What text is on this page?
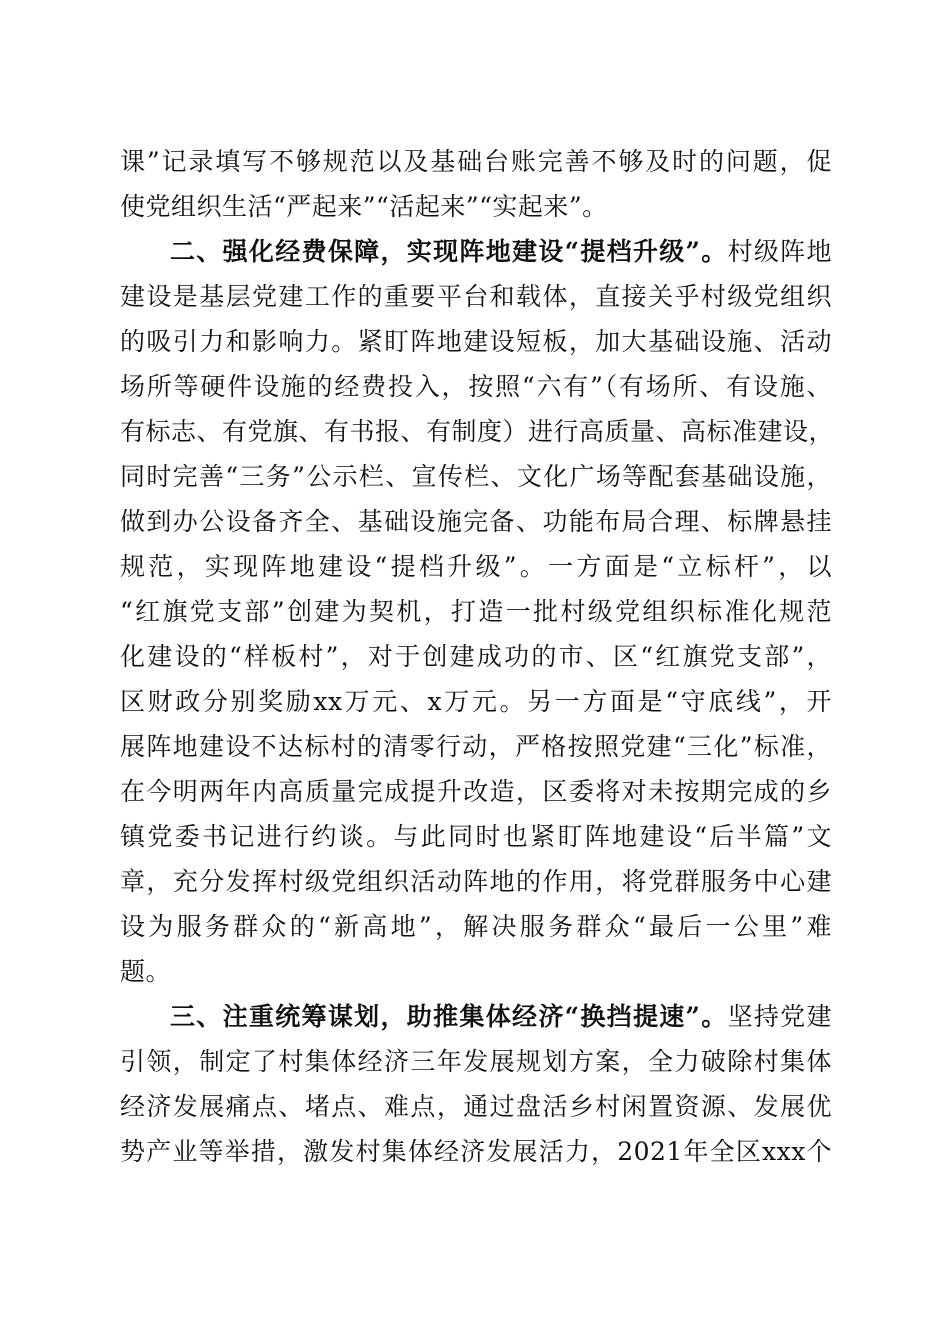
课”记录填写不够规范以及基础台账完善不够及时的问题，促
使党组织生活“严起来”“活起来”“实起来”。
二、强化经费保障，实现阵地建设“提档升级”。村级阵地
建设是基层党建工作的重要平台和载体，直接关乎村级党组织
的吸引力和影响力。紧盯阵地建设短板，加大基础设施、活动
场所等硬件设施的经费投入，按照“六有”（有场所、有设施、
有标志、有党旗、有书报、有制度）进行高质量、高标准建设，
同时完善“三务”公示栏、宣传栏、文化广场等配套基础设施，
做到办公设备齐全、基础设施完备、功能布局合理、标牌悬挂
规范，实现阵地建设“提档升级”。一方面是“立标杆”，以
“红旗党支部”创建为契机，打造一批村级党组织标准化规范
化建设的“样板村”，对于创建成功的市、区“红旗党支部”，
区财政分别奖励xx万元、x万元。另一方面是“守底线”，开
展阵地建设不达标村的清零行动，严格按照党建“三化”标准，
在今明两年内高质量完成提升改造，区委将对未按期完成的乡
镇党委书记进行约谈。与此同时也紧盯阵地建设“后半篇”文
章，充分发挥村级党组织活动阵地的作用，将党群服务中心建
设为服务群众的“新高地”，解决服务群众“最后一公里”难
题。
三、注重统筹谋划，助推集体经济“换挡提速”。坚持党建
引领，制定了村集体经济三年发展规划方案，全力破除村集体
经济发展痛点、堵点、难点，通过盘活乡村闲置资源、发展优
势产业等举措，激发村集体经济发展活力，2021年全区xxx个
